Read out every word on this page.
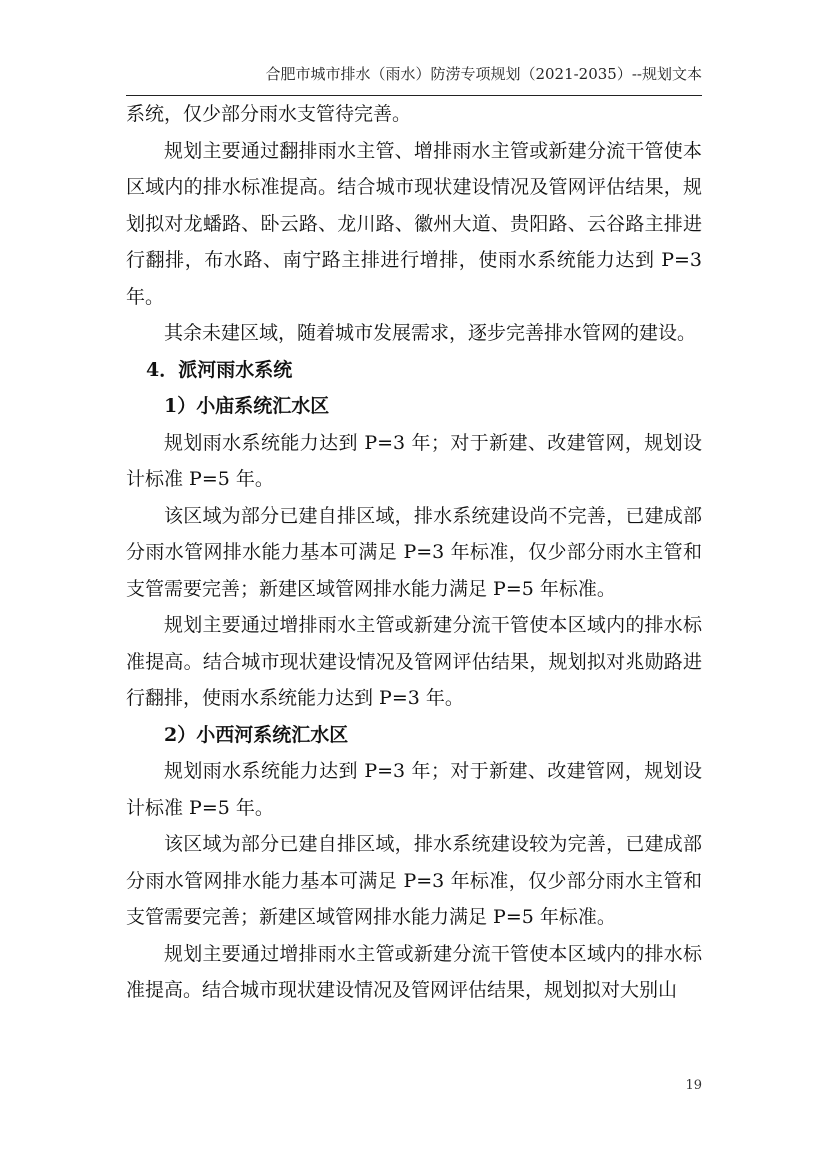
合肥市城市排水（雨水）防涝专项规划（2021-2035）--规划文本

系统，仅少部分雨水支管待完善。

规划主要通过翻排雨水主管、增排雨水主管或新建分流干管使本区域内的排水标准提高。结合城市现状建设情况及管网评估结果，规划拟对龙蟠路、卧云路、龙川路、徽州大道、贵阳路、云谷路主排进行翻排，布水路、南宁路主排进行增排，使雨水系统能力达到 P=3 年。

其余未建区域，随着城市发展需求，逐步完善排水管网的建设。

4．派河雨水系统

1）小庙系统汇水区

规划雨水系统能力达到 P=3 年；对于新建、改建管网，规划设计标准 P=5 年。

该区域为部分已建自排区域，排水系统建设尚不完善，已建成部分雨水管网排水能力基本可满足 P=3 年标准，仅少部分雨水主管和支管需要完善；新建区域管网排水能力满足 P=5 年标准。

规划主要通过增排雨水主管或新建分流干管使本区域内的排水标准提高。结合城市现状建设情况及管网评估结果，规划拟对兆勋路进行翻排，使雨水系统能力达到 P=3 年。

2）小西河系统汇水区

规划雨水系统能力达到 P=3 年；对于新建、改建管网，规划设计标准 P=5 年。

该区域为部分已建自排区域，排水系统建设较为完善，已建成部分雨水管网排水能力基本可满足 P=3 年标准，仅少部分雨水主管和支管需要完善；新建区域管网排水能力满足 P=5 年标准。

规划主要通过增排雨水主管或新建分流干管使本区域内的排水标准提高。结合城市现状建设情况及管网评估结果，规划拟对大别山

19
